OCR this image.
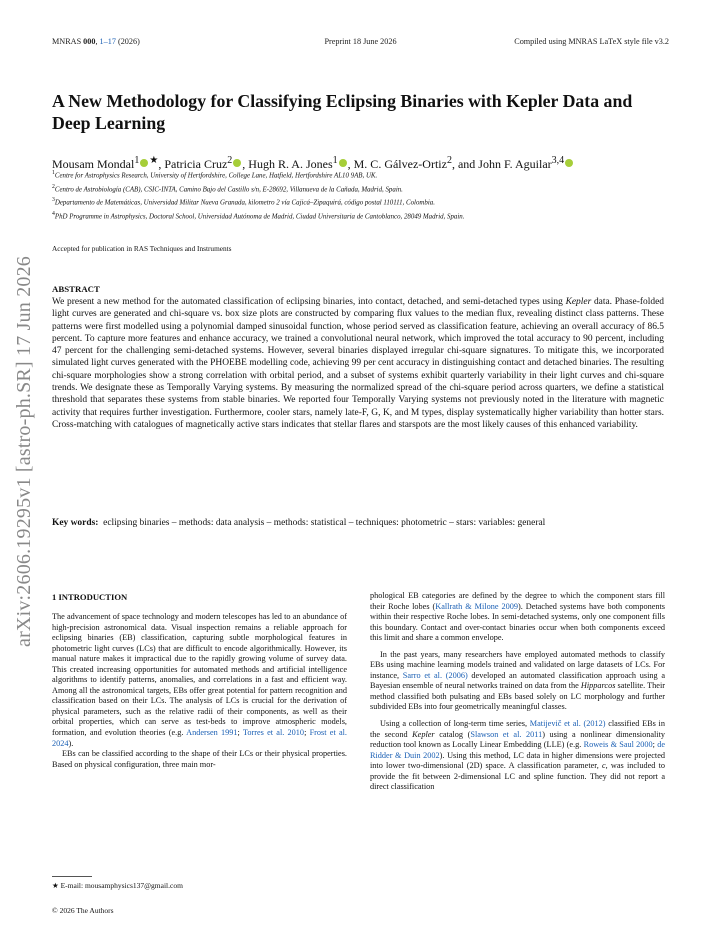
MNRAS 000, 1–17 (2026)	Preprint 18 June 2026	Compiled using MNRAS LaTeX style file v3.2
arXiv:2606.19295v1 [astro-ph.SR] 17 Jun 2026
A New Methodology for Classifying Eclipsing Binaries with Kepler Data and Deep Learning
Mousam Mondal$^1$ ★, Patricia Cruz$^2$ , Hugh R. A. Jones$^1$ , M. C. Gálvez-Ortiz$^2$, and John F. Aguilar$^{3,4}$
$^1$Centre for Astrophysics Research, University of Hertfordshire, College Lane, Hatfield, Hertfordshire AL10 9AB, UK.
$^2$Centro de Astrobiología (CAB), CSIC-INTA, Camino Bajo del Castillo s/n, E-28692, Villanueva de la Cañada, Madrid, Spain.
$^3$Departamento de Matemáticas, Universidad Militar Nueva Granada, kilometro 2 vía Cajicá–Zipaquirá, código postal 110111, Colombia.
$^4$PhD Programme in Astrophysics, Doctoral School, Universidad Autónoma de Madrid, Ciudad Universitaria de Cantoblanco, 28049 Madrid, Spain.
Accepted for publication in RAS Techniques and Instruments
ABSTRACT
We present a new method for the automated classification of eclipsing binaries, into contact, detached, and semi-detached types using Kepler data. Phase-folded light curves are generated and chi-square vs. box size plots are constructed by comparing flux values to the median flux, revealing distinct class patterns. These patterns were first modelled using a polynomial damped sinusoidal function, whose period served as classification feature, achieving an overall accuracy of 86.5 percent. To capture more features and enhance accuracy, we trained a convolutional neural network, which improved the total accuracy to 90 percent, including 47 percent for the challenging semi-detached systems. However, several binaries displayed irregular chi-square signatures. To mitigate this, we incorporated simulated light curves generated with the PHOEBE modelling code, achieving 99 per cent accuracy in distinguishing contact and detached binaries. The resulting chi-square morphologies show a strong correlation with orbital period, and a subset of systems exhibit quarterly variability in their light curves and chi-square trends. We designate these as Temporally Varying systems. By measuring the normalized spread of the chi-square period across quarters, we define a statistical threshold that separates these systems from stable binaries. We reported four Temporally Varying systems not previously noted in the literature with magnetic activity that requires further investigation. Furthermore, cooler stars, namely late-F, G, K, and M types, display systematically higher variability than hotter stars. Cross-matching with catalogues of magnetically active stars indicates that stellar flares and starspots are the most likely causes of this enhanced variability.
Key words: eclipsing binaries – methods: data analysis – methods: statistical – techniques: photometric – stars: variables: general
1 INTRODUCTION

The advancement of space technology and modern telescopes has led to an abundance of high-precision astronomical data. Visual inspection remains a reliable approach for eclipsing binaries (EB) classification, capturing subtle morphological features in photometric light curves (LCs) that are difficult to encode algorithmically. However, its manual nature makes it impractical due to the rapidly growing volume of survey data. This created increasing opportunities for automated methods and artificial intelligence algorithms to identify patterns, anomalies, and correlations in a fast and efficient way. Among all the astronomical targets, EBs offer great potential for pattern recognition and classification based on their LCs. The analysis of LCs is crucial for the derivation of physical parameters, such as the relative radii of their components, as well as their orbital properties, which can serve as test-beds to improve atmospheric models, formation, and evolution theories (e.g. Andersen 1991; Torres et al. 2010; Frost et al. 2024).

EBs can be classified according to the shape of their LCs or their physical properties. Based on physical configuration, three main mor-

phological EB categories are defined by the degree to which the component stars fill their Roche lobes (Kallrath & Milone 2009). Detached systems have both components within their respective Roche lobes. In semi-detached systems, only one component fills this boundary. Contact and over-contact binaries occur when both components exceed this limit and share a common envelope.

In the past years, many researchers have employed automated methods to classify EBs using machine learning models trained and validated on large datasets of LCs. For instance, Sarro et al. (2006) developed an automated classification approach using a Bayesian ensemble of neural networks trained on data from the Hipparcos satellite. Their method classified both pulsating and EBs based solely on LC morphology and further subdivided EBs into four geometrically meaningful classes.

Using a collection of long-term time series, Matijevič et al. (2012) classified EBs in the second Kepler catalog (Slawson et al. 2011) using a nonlinear dimensionality reduction tool known as Locally Linear Embedding (LLE) (e.g. Roweis & Saul 2000; de Ridder & Duin 2002). Using this method, LC data in higher dimensions were projected into lower two-dimensional (2D) space. A classification parameter, c, was included to provide the fit between 2-dimensional LC and spline function. They did not report a direct classification

★ E-mail: mousamphysics137@gmail.com
© 2026 The Authors
